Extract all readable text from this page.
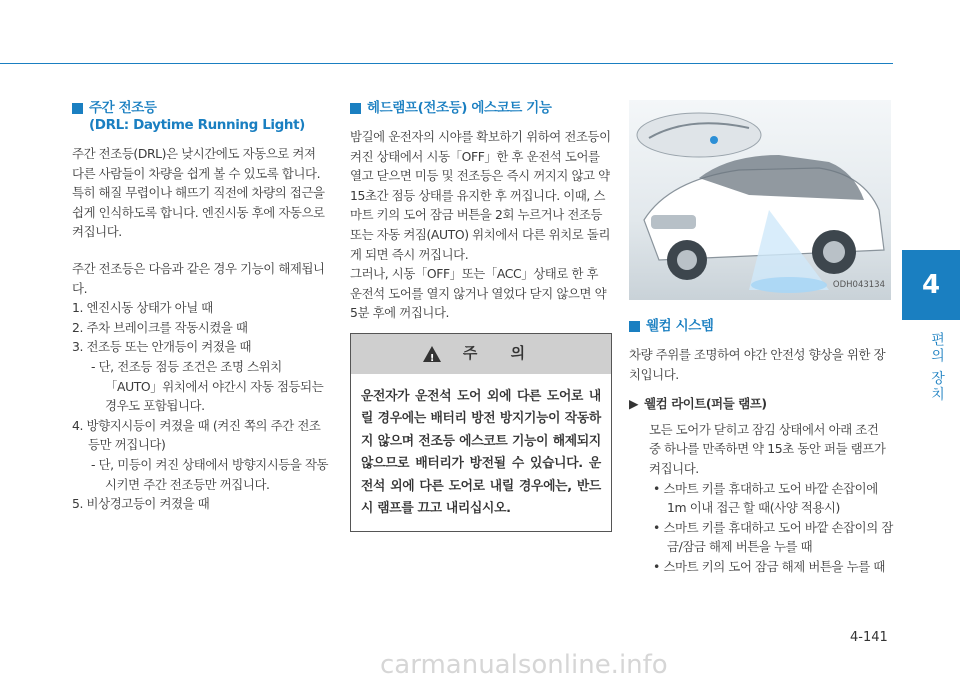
4
편의 장치
주간 전조등
(DRL: Daytime Running Light)

주간 전조등(DRL)은 낮시간에도 자동으로 켜져 다른 사람들이 차량을 쉽게 볼 수 있도록 합니다. 특히 해질 무렵이나 해뜨기 직전에 차량의 접근을 쉽게 인식하도록 합니다. 엔진시동 후에 자동으로 켜집니다.

주간 전조등은 다음과 같은 경우 기능이 해제됩니다.

1. 엔진시동 상태가 아닐 때

2. 주차 브레이크를 작동시켰을 때

3. 전조등 또는 안개등이 켜졌을 때

- 단, 전조등 점등 조건은 조명 스위치「AUTO」위치에서 야간시 자동 점등되는 경우도 포함됩니다.

4. 방향지시등이 켜졌을 때 (켜진 쪽의 주간 전조등만 꺼집니다)

- 단, 미등이 켜진 상태에서 방향지시등을 작동시키면 주간 전조등만 꺼집니다.

5. 비상경고등이 켜졌을 때

헤드램프(전조등) 에스코트 기능

밤길에 운전자의 시야를 확보하기 위하여 전조등이 켜진 상태에서 시동「OFF」한 후 운전석 도어를 열고 닫으면 미등 및 전조등은 즉시 꺼지지 않고 약 15초간 점등 상태를 유지한 후 꺼집니다. 이때, 스마트 키의 도어 잠금 버튼을 2회 누르거나 전조등 또는 자동 켜짐(AUTO) 위치에서 다른 위치로 돌리게 되면 즉시 꺼집니다.

그러나, 시동「OFF」또는「ACC」상태로 한 후 운전석 도어를 열지 않거나 열었다 닫지 않으면 약 5분 후에 꺼집니다.

!
주 의
운전자가 운전석 도어 외에 다른 도어로 내릴 경우에는 배터리 방전 방지기능이 작동하지 않으며 전조등 에스코트 기능이 해제되지 않으므로 배터리가 방전될 수 있습니다. 운전석 외에 다른 도어로 내릴 경우에는, 반드시 램프를 끄고 내리십시오.
ODH043134
웰컴 시스템

차량 주위를 조명하여 야간 안전성 향상을 위한 장치입니다.

▶ 웰컴 라이트(퍼들 램프)

모든 도어가 닫히고 잠김 상태에서 아래 조건 중 하나를 만족하면 약 15초 동안 퍼들 램프가 켜집니다.

• 스마트 키를 휴대하고 도어 바깥 손잡이에 1m 이내 접근 할 때(사양 적용시)

• 스마트 키를 휴대하고 도어 바깥 손잡이의 잠금/잠금 해제 버튼을 누를 때

• 스마트 키의 도어 잠금 해제 버튼을 누를 때

4-141
carmanualsonline.info
